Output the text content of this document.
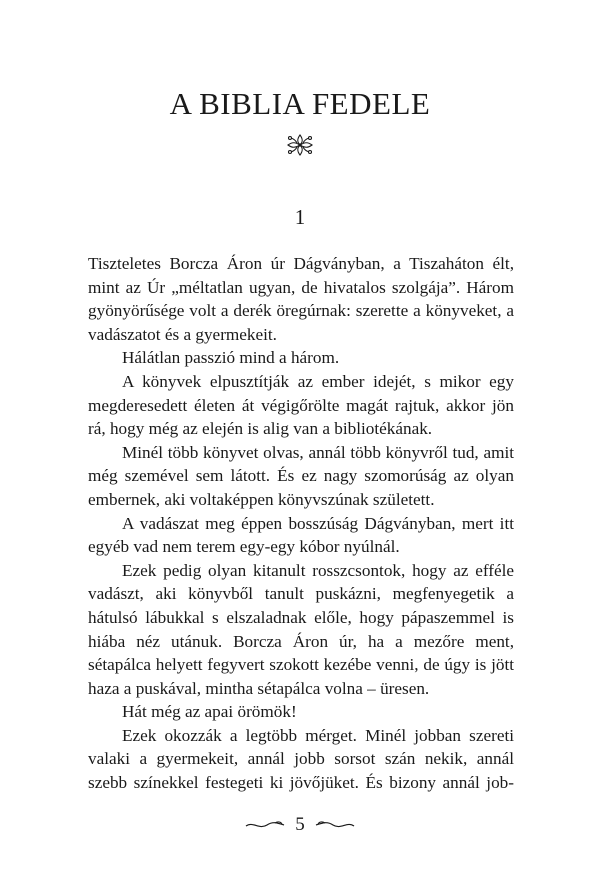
A BIBLIA FEDELE
1

Tiszteletes Borcza Áron úr Dágványban, a Tiszaháton élt, mint az Úr „méltatlan ugyan, de hivatalos szolgája”. Három gyönyörűsége volt a derék öregúrnak: szerette a könyveket, a vadászatot és a gyermekeit.

Hálátlan passzió mind a három.

A könyvek elpusztítják az ember idejét, s mikor egy megderesedett életen át végigőrölte magát rajtuk, akkor jön rá, hogy még az elején is alig van a bibliotékának.

Minél több könyvet olvas, annál több könyvről tud, amit még szemével sem látott. És ez nagy szomorúság az olyan embernek, aki voltaképpen könyvszúnak született.

A vadászat meg éppen bosszúság Dágványban, mert itt egyéb vad nem terem egy-egy kóbor nyúlnál.

Ezek pedig olyan kitanult rosszcsontok, hogy az efféle vadászt, aki könyvből tanult puskázni, megfenyegetik a hátulsó lábukkal s elszaladnak előle, hogy pápaszemmel is hiába néz utánuk. Borcza Áron úr, ha a mezőre ment, sétapálca helyett fegyvert szokott kezébe venni, de úgy is jött haza a puskával, mintha sétapálca volna – üresen.

Hát még az apai örömök!

Ezek okozzák a legtöbb mérget. Minél jobban szereti valaki a gyermekeit, annál jobb sorsot szán nekik, annál szebb színekkel festegeti ki jövőjüket. És bizony annál job-

5
